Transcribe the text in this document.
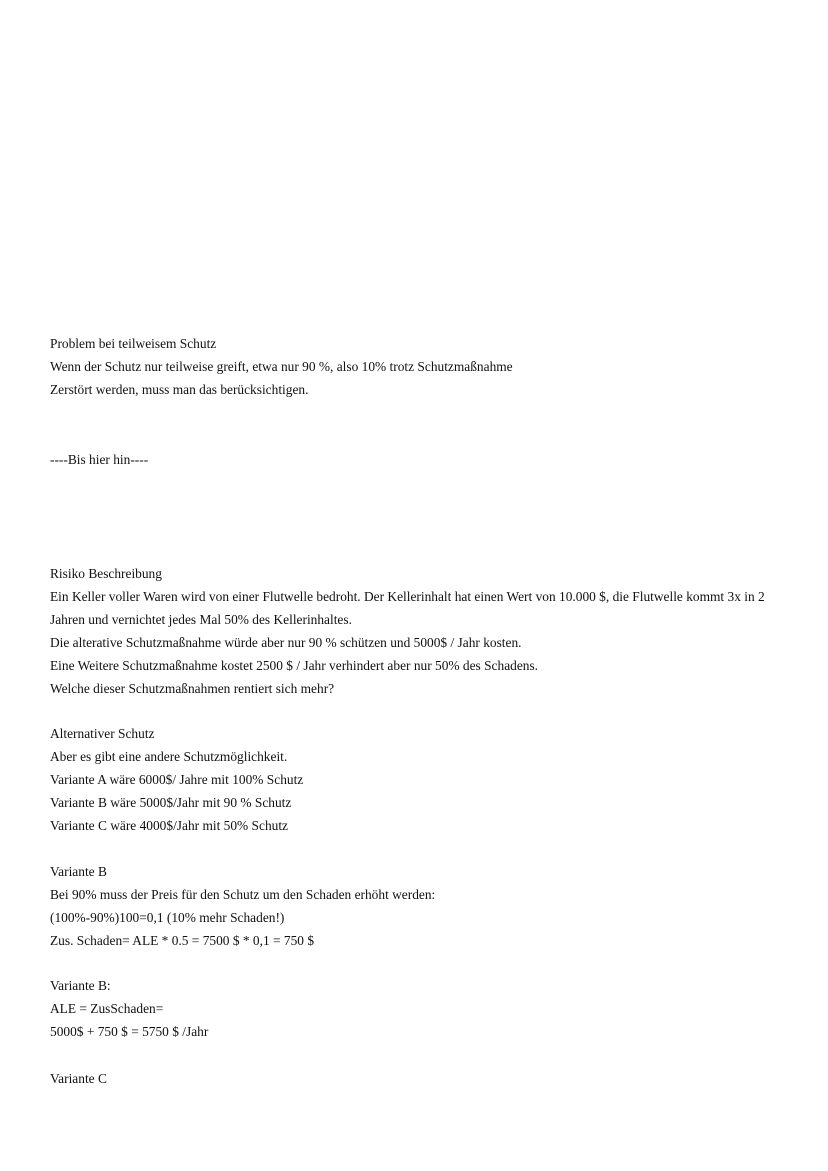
Problem bei teilweisem Schutz
Wenn der Schutz nur teilweise greift, etwa nur 90 %, also 10% trotz Schutzmaßnahme
Zerstört werden, muss man das berücksichtigen.
----Bis hier hin----
Risiko Beschreibung
Ein Keller voller Waren wird von einer Flutwelle bedroht. Der Kellerinhalt hat einen Wert von 10.000 $, die Flutwelle kommt 3x in 2 Jahren und vernichtet jedes Mal 50% des Kellerinhaltes.
Die alterative Schutzmaßnahme würde aber nur 90 % schützen und 5000$ / Jahr kosten.
Eine Weitere Schutzmaßnahme kostet 2500 $ / Jahr verhindert aber nur 50% des Schadens.
Welche dieser Schutzmaßnahmen rentiert sich mehr?
Alternativer Schutz
Aber es gibt eine andere Schutzmöglichkeit.
Variante A wäre 6000$/ Jahre mit 100% Schutz
Variante B wäre 5000$/Jahr mit 90 % Schutz
Variante C wäre 4000$/Jahr mit 50% Schutz
Variante B
Bei 90% muss der Preis für den Schutz um den Schaden erhöht werden:
(100%-90%)100=0,1 (10% mehr Schaden!)
Zus. Schaden= ALE * 0.5 = 7500 $ * 0,1 = 750 $
Variante B:
ALE = ZusSchaden=
5000$ + 750 $ = 5750 $ /Jahr
Variante C
